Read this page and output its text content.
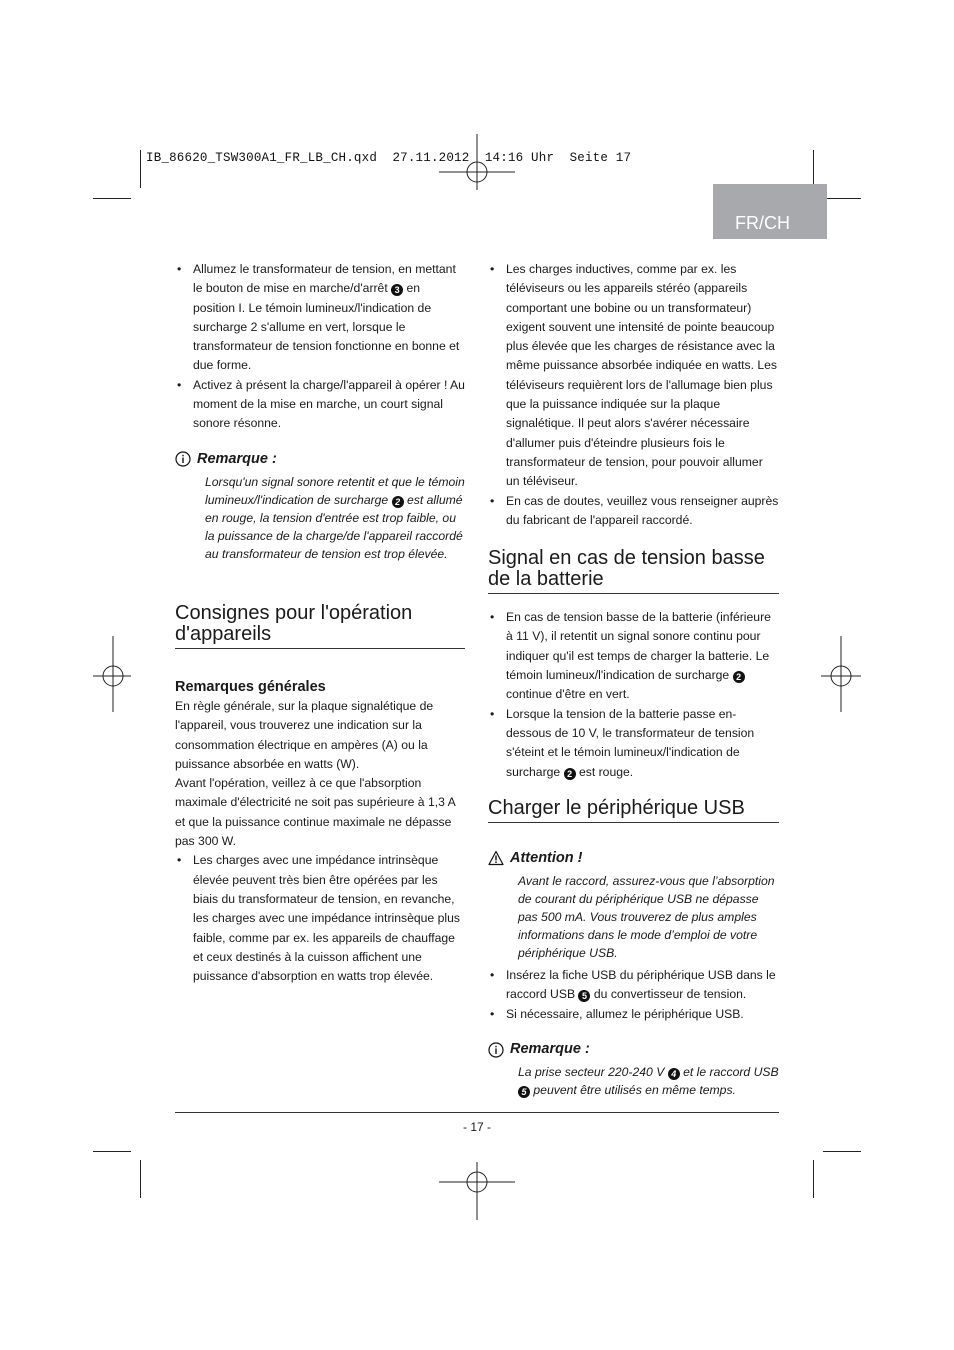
IB_86620_TSW300A1_FR_LB_CH.qxd  27.11.2012  14:16 Uhr  Seite 17
FR/CH
• Allumez le transformateur de tension, en mettant le bouton de mise en marche/d'arrêt 3 en position I. Le témoin lumineux/l'indication de surcharge 2 s'allume en vert, lorsque le transformateur de tension fonctionne en bonne et due forme.
• Activez à présent la charge/l'appareil à opérer ! Au moment de la mise en marche, un court signal sonore résonne.
Remarque :
Lorsqu'un signal sonore retentit et que le témoin lumineux/l'indication de surcharge 2 est allumé en rouge, la tension d'entrée est trop faible, ou la puissance de la charge/de l'appareil raccordé au transformateur de tension est trop élevée.
Consignes pour l'opération d'appareils
Remarques générales

En règle générale, sur la plaque signalétique de l'appareil, vous trouverez une indication sur la consommation électrique en ampères (A) ou la puissance absorbée en watts (W).

Avant l'opération, veillez à ce que l'absorption maximale d'électricité ne soit pas supérieure à 1,3 A et que la puissance continue maximale ne dépasse pas 300 W.

• Les charges avec une impédance intrinsèque élevée peuvent très bien être opérées par les biais du transformateur de tension, en revanche, les charges avec une impédance intrinsèque plus faible, comme par ex. les appareils de chauffage et ceux destinés à la cuisson affichent une puissance d'absorption en watts trop élevée.
• Les charges inductives, comme par ex. les téléviseurs ou les appareils stéréo (appareils comportant une bobine ou un transformateur) exigent souvent une intensité de pointe beaucoup plus élevée que les charges de résistance avec la même puissance absorbée indiquée en watts. Les téléviseurs requièrent lors de l'allumage bien plus que la puissance indiquée sur la plaque signalétique. Il peut alors s'avérer nécessaire d'allumer puis d'éteindre plusieurs fois le transformateur de tension, pour pouvoir allumer un téléviseur.
• En cas de doutes, veuillez vous renseigner auprès du fabricant de l'appareil raccordé.
Signal en cas de tension basse de la batterie
• En cas de tension basse de la batterie (inférieure à 11 V), il retentit un signal sonore continu pour indiquer qu'il est temps de charger la batterie. Le témoin lumineux/l'indication de surcharge 2 continue d'être en vert.
• Lorsque la tension de la batterie passe en-dessous de 10 V, le transformateur de tension s'éteint et le témoin lumineux/l'indication de surcharge 2 est rouge.
Charger le périphérique USB
Attention !
Avant le raccord, assurez-vous que l’absorption de courant du périphérique USB ne dépasse pas 500 mA. Vous trouverez de plus amples informations dans le mode d’emploi de votre périphérique USB.
• Insérez la fiche USB du périphérique USB dans le raccord USB 5 du convertisseur de tension.
• Si nécessaire, allumez le périphérique USB.
Remarque :
La prise secteur 220-240 V 4 et le raccord USB 5 peuvent être utilisés en même temps.
- 17 -
